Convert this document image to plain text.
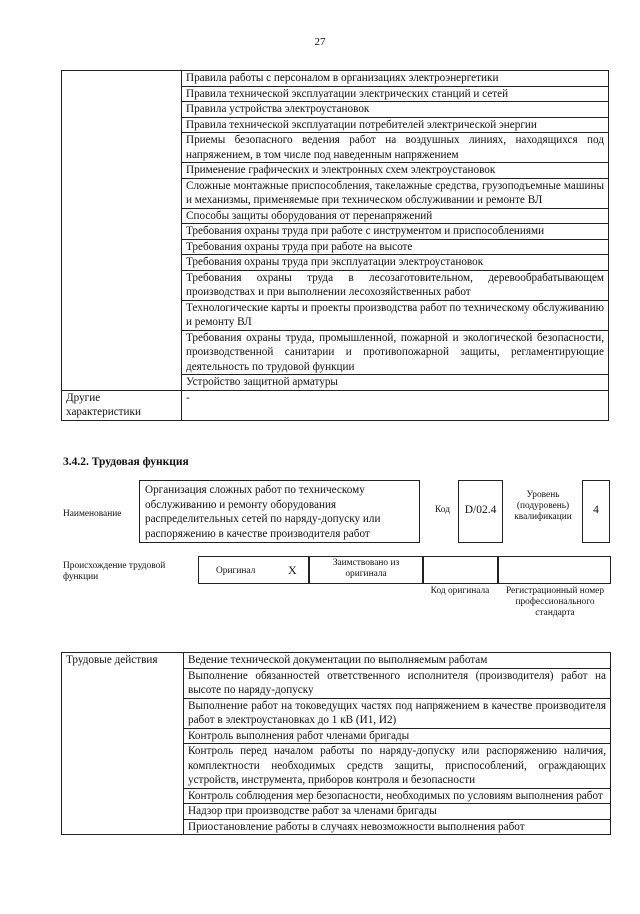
27
	Правила работы с персоналом в организациях электроэнергетики
	Правила технической эксплуатации электрических станций и сетей
	Правила устройства электроустановок
	Правила технической эксплуатации потребителей электрической энергии
	Приемы безопасного ведения работ на воздушных линиях, находящихся под напряжением, в том числе под наведенным напряжением
	Применение графических и электронных схем электроустановок
	Сложные монтажные приспособления, такелажные средства, грузоподъемные машины и механизмы, применяемые при техническом обслуживании и ремонте ВЛ
	Способы защиты оборудования от перенапряжений
	Требования охраны труда при работе с инструментом и приспособлениями
	Требования охраны труда при работе на высоте
	Требования охраны труда при эксплуатации электроустановок
	Требования охраны труда в лесозаготовительном, деревообрабатывающем производствах и при выполнении лесохозяйственных работ
	Технологические карты и проекты производства работ по техническому обслуживанию и ремонту ВЛ
	Требования охраны труда, промышленной, пожарной и экологической безопасности, производственной санитарии и противопожарной защиты, регламентирующие деятельность по трудовой функции
	Устройство защитной арматуры
Другие характеристики	-
3.4.2. Трудовая функция
Наименование
Организация сложных работ по техническому обслуживанию и ремонту оборудования распределительных сетей по наряду-допуску или распоряжению в качестве производителя работ
Код	D/02.4
Уровень (подуровень) квалификации
4
Происхождение трудовой функции
Оригинал	X	Заимствовано из оригинала
Код оригинала Регистрационный номер профессионального стандарта
Трудовые действия	Ведение технической документации по выполняемым работам
Выполнение обязанностей ответственного исполнителя (производителя) работ на высоте по наряду-допуску
Выполнение работ на токоведущих частях под напряжением в качестве производителя работ в электроустановках до 1 кВ (И1, И2)
Контроль выполнения работ членами бригады
Контроль перед началом работы по наряду-допуску или распоряжению наличия, комплектности необходимых средств защиты, приспособлений, ограждающих устройств, инструмента, приборов контроля и безопасности
Контроль соблюдения мер безопасности, необходимых по условиям выполнения работ
Надзор при производстве работ за членами бригады
Приостановление работы в случаях невозможности выполнения работ
